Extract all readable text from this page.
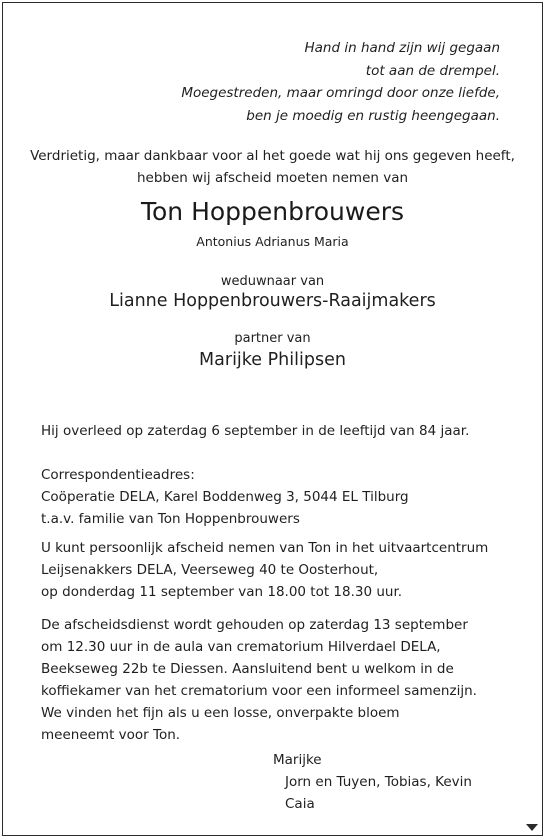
Hand in hand zijn wij gegaan
tot aan de drempel.
Moegestreden, maar omringd door onze liefde,
ben je moedig en rustig heengegaan.
Verdrietig, maar dankbaar voor al het goede wat hij ons gegeven heeft,
hebben wij afscheid moeten nemen van
Ton Hoppenbrouwers
Antonius Adrianus Maria
weduwnaar van
Lianne Hoppenbrouwers-Raaijmakers
partner van
Marijke Philipsen
Hij overleed op zaterdag 6 september in de leeftijd van 84 jaar.
Correspondentieadres:
Coöperatie DELA, Karel Boddenweg 3, 5044 EL Tilburg
t.a.v. familie van Ton Hoppenbrouwers
U kunt persoonlijk afscheid nemen van Ton in het uitvaartcentrum
Leijsenakkers DELA, Veerseweg 40 te Oosterhout,
op donderdag 11 september van 18.00 tot 18.30 uur.
De afscheidsdienst wordt gehouden op zaterdag 13 september
om 12.30 uur in de aula van crematorium Hilverdael DELA,
Beekseweg 22b te Diessen. Aansluitend bent u welkom in de
koffiekamer van het crematorium voor een informeel samenzijn.
We vinden het fijn als u een losse, onverpakte bloem
meeneemt voor Ton.
Marijke
Jorn en Tuyen, Tobias, Kevin
Caia
